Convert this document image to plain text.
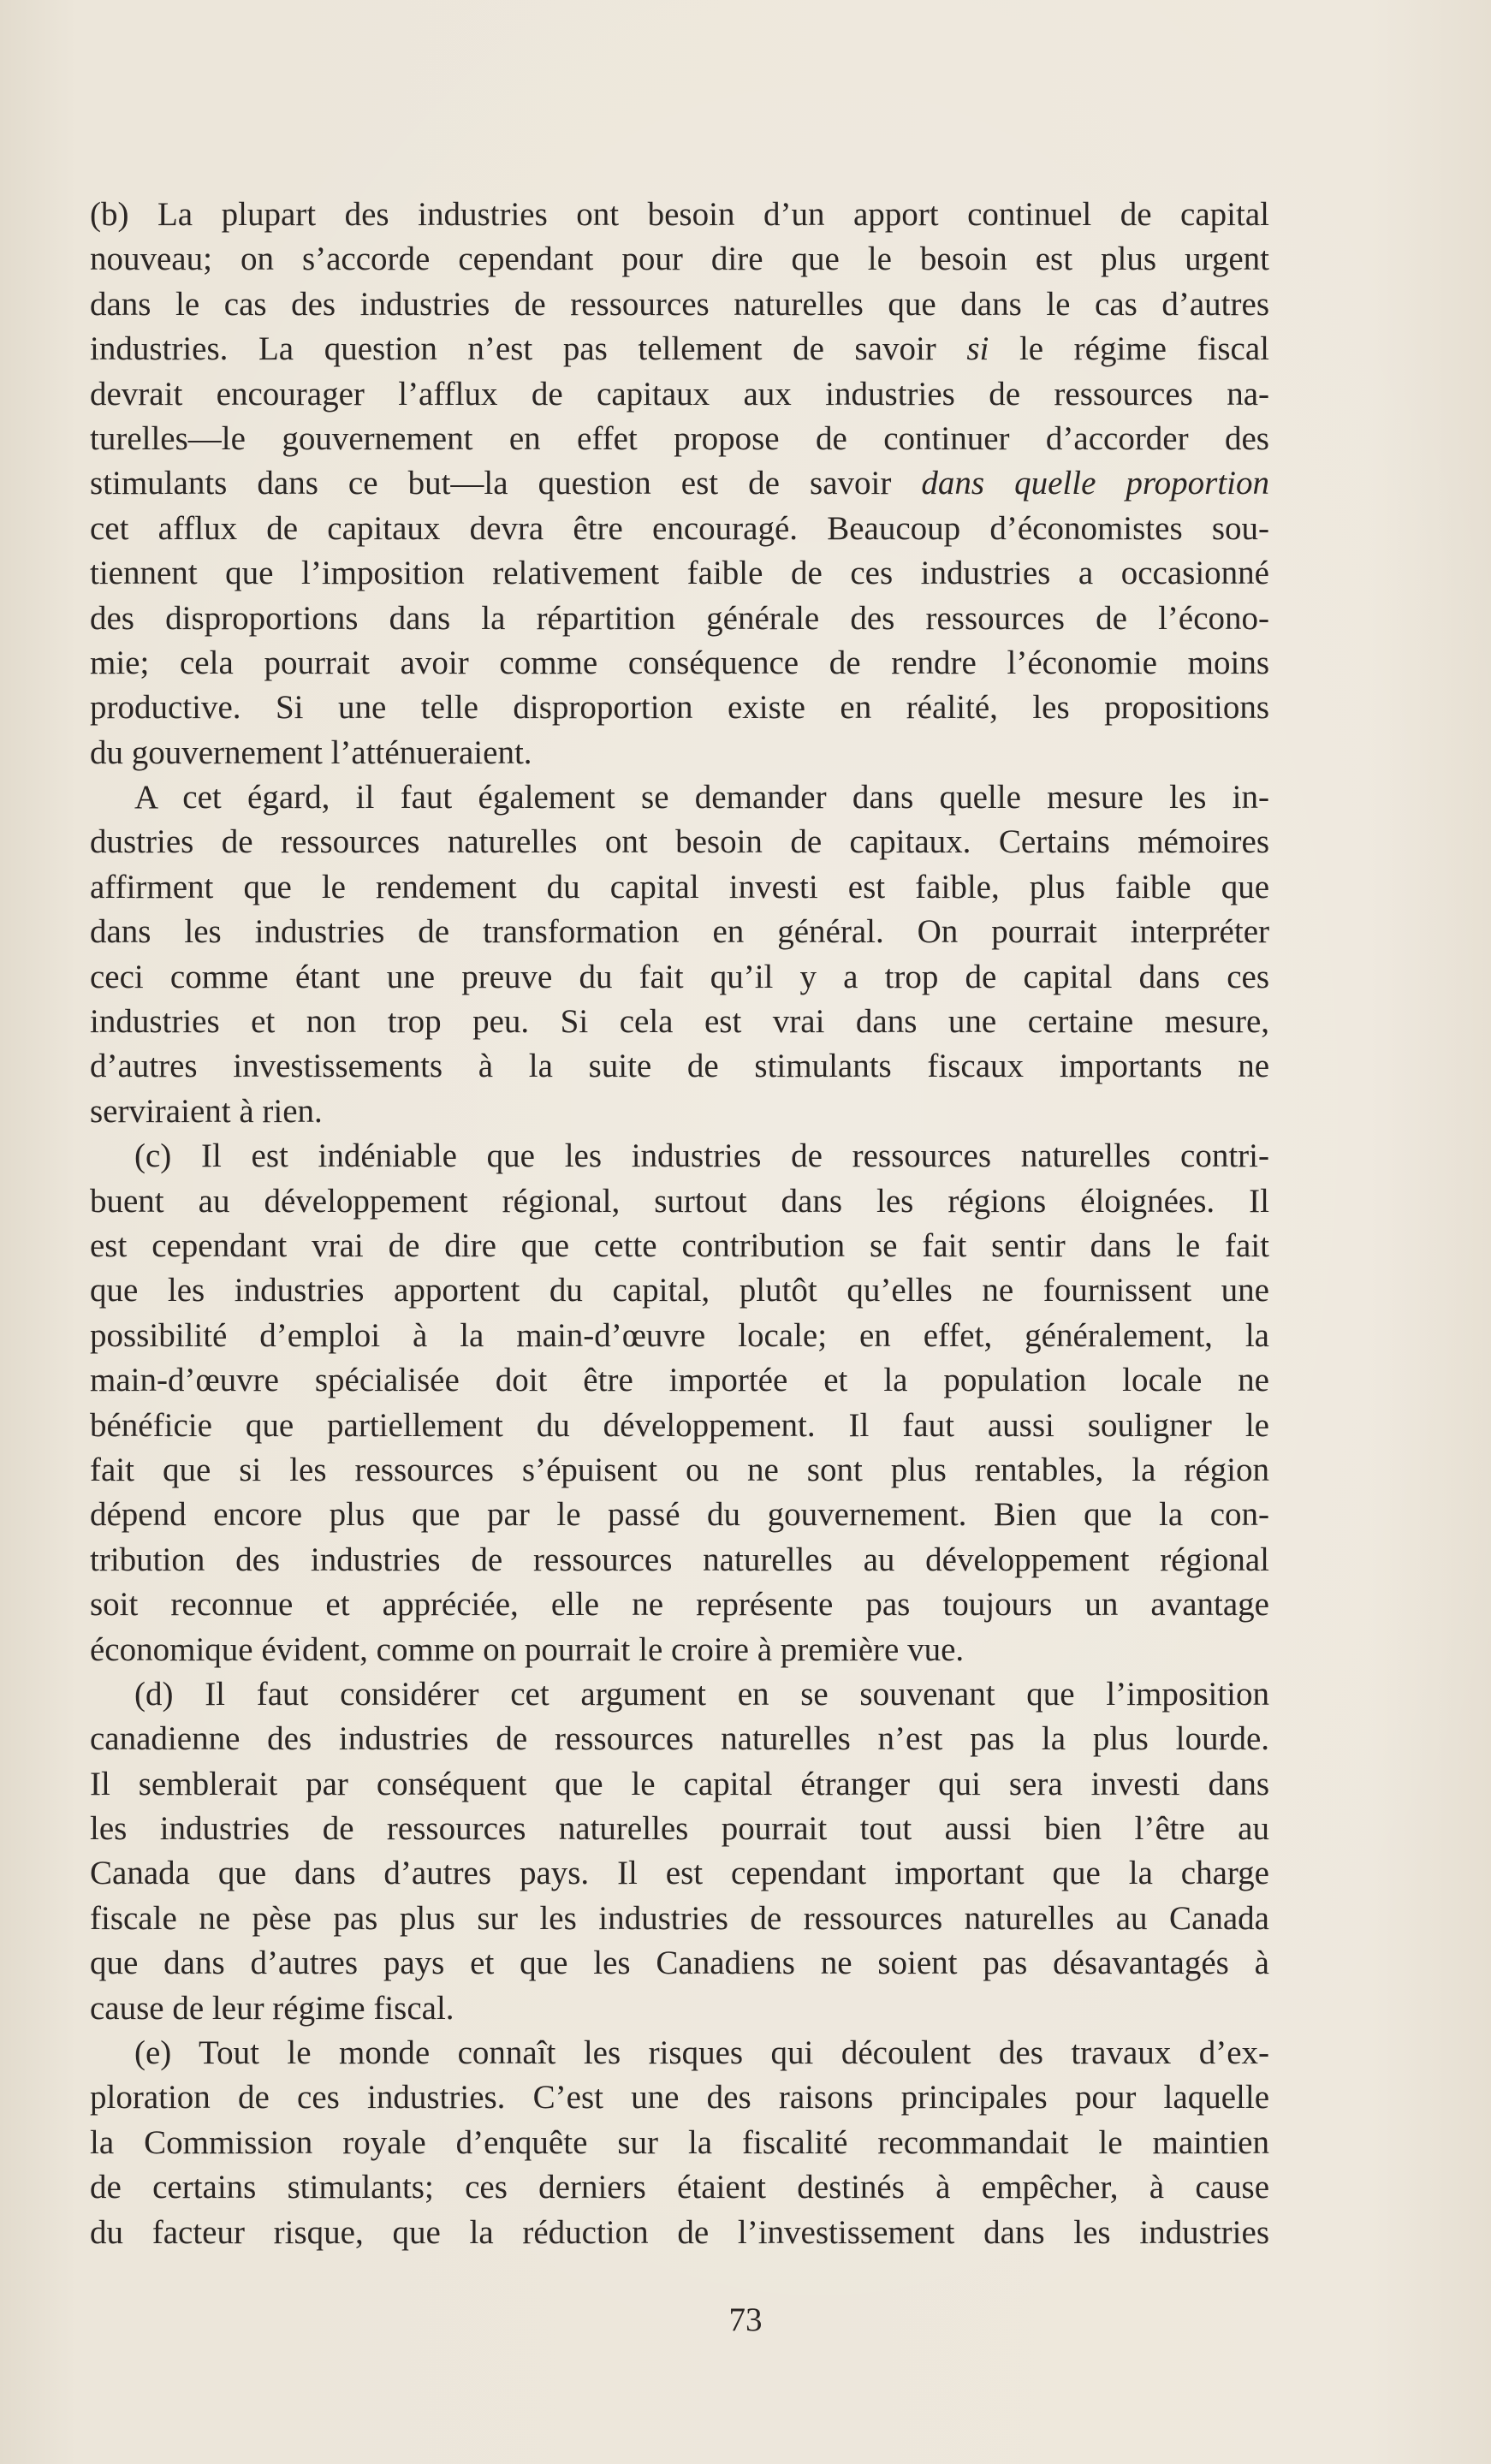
(b) La plupart des industries ont besoin d’un apport continuel de capital
nouveau; on s’accorde cependant pour dire que le besoin est plus urgent
dans le cas des industries de ressources naturelles que dans le cas d’autres
industries. La question n’est pas tellement de savoir si le régime fiscal
devrait encourager l’afflux de capitaux aux industries de ressources na-
turelles—le gouvernement en effet propose de continuer d’accorder des
stimulants dans ce but—la question est de savoir dans quelle proportion
cet afflux de capitaux devra être encouragé. Beaucoup d’économistes sou-
tiennent que l’imposition relativement faible de ces industries a occasionné
des disproportions dans la répartition générale des ressources de l’écono-
mie; cela pourrait avoir comme conséquence de rendre l’économie moins
productive. Si une telle disproportion existe en réalité, les propositions
du gouvernement l’atténueraient.
A cet égard, il faut également se demander dans quelle mesure les in-
dustries de ressources naturelles ont besoin de capitaux. Certains mémoires
affirment que le rendement du capital investi est faible, plus faible que
dans les industries de transformation en général. On pourrait interpréter
ceci comme étant une preuve du fait qu’il y a trop de capital dans ces
industries et non trop peu. Si cela est vrai dans une certaine mesure,
d’autres investissements à la suite de stimulants fiscaux importants ne
serviraient à rien.
(c) Il est indéniable que les industries de ressources naturelles contri-
buent au développement régional, surtout dans les régions éloignées. Il
est cependant vrai de dire que cette contribution se fait sentir dans le fait
que les industries apportent du capital, plutôt qu’elles ne fournissent une
possibilité d’emploi à la main-d’œuvre locale; en effet, généralement, la
main-d’œuvre spécialisée doit être importée et la population locale ne
bénéficie que partiellement du développement. Il faut aussi souligner le
fait que si les ressources s’épuisent ou ne sont plus rentables, la région
dépend encore plus que par le passé du gouvernement. Bien que la con-
tribution des industries de ressources naturelles au développement régional
soit reconnue et appréciée, elle ne représente pas toujours un avantage
économique évident, comme on pourrait le croire à première vue.
(d) Il faut considérer cet argument en se souvenant que l’imposition
canadienne des industries de ressources naturelles n’est pas la plus lourde.
Il semblerait par conséquent que le capital étranger qui sera investi dans
les industries de ressources naturelles pourrait tout aussi bien l’être au
Canada que dans d’autres pays. Il est cependant important que la charge
fiscale ne pèse pas plus sur les industries de ressources naturelles au Canada
que dans d’autres pays et que les Canadiens ne soient pas désavantagés à
cause de leur régime fiscal.
(e) Tout le monde connaît les risques qui découlent des travaux d’ex-
ploration de ces industries. C’est une des raisons principales pour laquelle
la Commission royale d’enquête sur la fiscalité recommandait le maintien
de certains stimulants; ces derniers étaient destinés à empêcher, à cause
du facteur risque, que la réduction de l’investissement dans les industries
73
